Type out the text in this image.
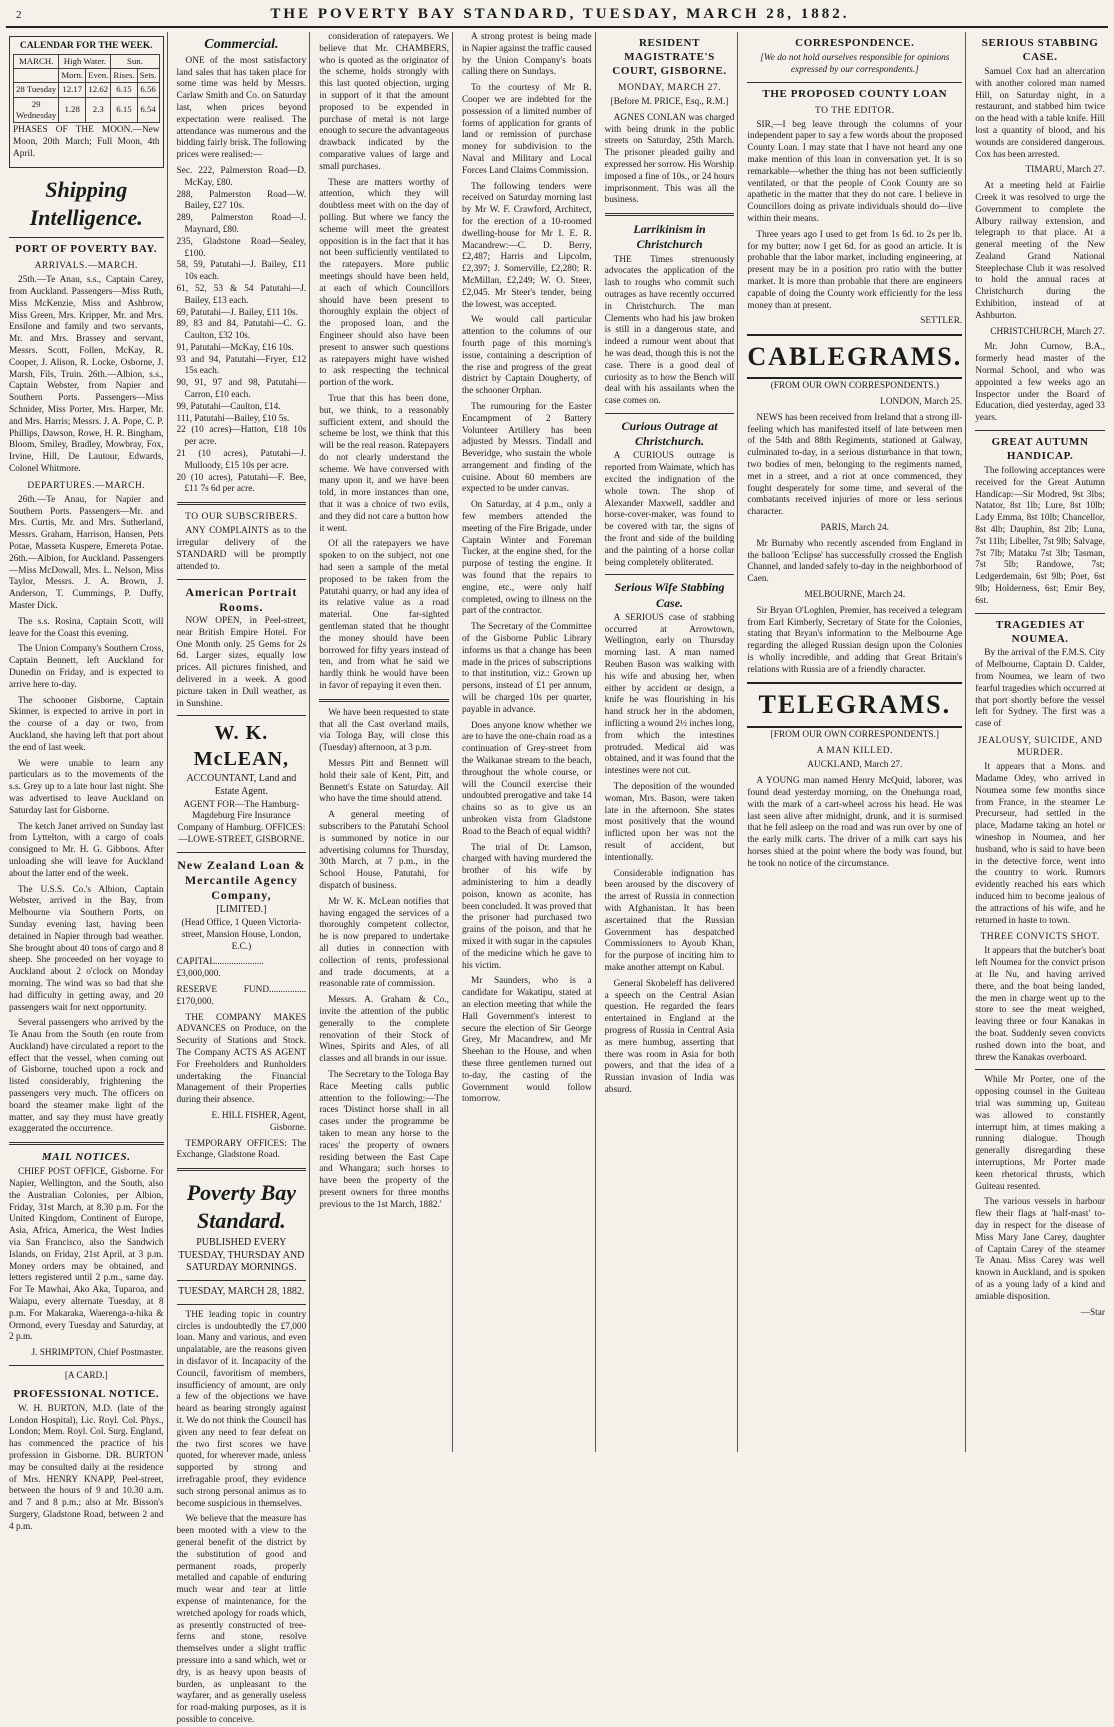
2	THE POVERTY BAY STANDARD, TUESDAY, MARCH 28, 1882.
CALENDAR FOR THE WEEK.
MARCH.	High Water.		Sun.	
	Morn.	Even.	Rises.	Sets.
28 Tuesday	12.17	12.62	6.15	6.56
29 Wednesday	1.28	2.3	6.15	6.54

PHASES OF THE MOON.—New Moon, 20th March; Full Moon, 4th April.

Shipping Intelligence.
PORT OF POVERTY BAY.
ARRIVALS.—MARCH.

25th.—Te Anau, s.s., Captain Carey, from Auckland. Passengers—Miss Ruth, Miss McKenzie, Miss and Ashbrow, Miss Green, Mrs. Kripper, Mr. and Mrs. Ensilone and family and two servants, Mr. and Mrs. Brassey and servant, Messrs. Scott, Follen, McKay, R. Cooper, J. Alison, R. Locke, Osborne, J. Marsh, Fils, Truin. 26th.—Albion, s.s., Captain Webster, from Napier and Southern Ports. Passengers—Miss Schnider, Miss Porter, Mrs. Harper, Mr. and Mrs. Harris; Messrs. J. A. Pope, C. P. Phillips, Dawson, Rowe, H. R. Bingham, Bloom, Smiley, Bradley, Mowbray, Fox, Irvine, Hill, De Lautour, Edwards, Colonel Whitmore.

DEPARTURES.—MARCH.

26th.—Te Anau, for Napier and Southern Ports. Passengers—Mr. and Mrs. Curtis, Mr. and Mrs. Sutherland, Messrs. Graham, Harrison, Hansen, Pets Potae, Masseta Kuspere, Emereta Potae. 26th.—Albion, for Auckland. Passengers—Miss McDowall, Mrs. L. Nelson, Miss Taylor, Messrs. J. A. Brown, J. Anderson, T. Cummings, P. Duffy, Master Dick.

The s.s. Rosina, Captain Scott, will leave for the Coast this evening.

The Union Company's Southern Cross, Captain Bennett, left Auckland for Dunedin on Friday, and is expected to arrive here to-day.

The schooner Gisborne, Captain Skinner, is expected to arrive in port in the course of a day or two, from Auckland, she having left that port about the end of last week.

We were unable to learn any particulars as to the movements of the s.s. Grey up to a late hour last night. She was advertised to leave Auckland on Saturday last for Gisborne.

The ketch Janet arrived on Sunday last from Lyttelton, with a cargo of coals consigned to Mr. H. G. Gibbons. After unloading she will leave for Auckland about the latter end of the week.

The U.S.S. Co.'s Albion, Captain Webster, arrived in the Bay, from Melbourne via Southern Ports, on Sunday evening last, having been detained in Napier through bad weather. She brought about 40 tons of cargo and 8 sheep. She proceeded on her voyage to Auckland about 2 o'clock on Monday morning. The wind was so bad that she had difficulty in getting away, and 20 passengers wait for next opportunity.

Several passengers who arrived by the Te Anau from the South (en route from Auckland) have circulated a report to the effect that the vessel, when coming out of Gisborne, touched upon a rock and listed considerably, frightening the passengers very much. The officers on board the steamer make light of the matter, and say they must have greatly exaggerated the occurrence.

MAIL NOTICES.

CHIEF POST OFFICE, Gisborne. For Napier, Wellington, and the South, also the Australian Colonies, per Albion, Friday, 31st March, at 8.30 p.m. For the United Kingdom, Continent of Europe, Asia, Africa, America, the West Indies via San Francisco, also the Sandwich Islands, on Friday, 21st April, at 3 p.m. Money orders may be obtained, and letters registered until 2 p.m., same day. For Te Mawhai, Ako Aka, Tuparoa, and Waiapu, every alternate Tuesday, at 8 p.m. For Makaraka, Waerenga-a-hika & Ormond, every Tuesday and Saturday, at 2 p.m.

J. SHRIMPTON, Chief Postmaster.

[A CARD.]
PROFESSIONAL NOTICE.

W. H. BURTON, M.D. (late of the London Hospital), Lic. Royl. Col. Phys., London; Mem. Royl. Col. Surg. England, has commenced the practice of his profession in Gisborne. DR. BURTON may be consulted daily at the residence of Mrs. HENRY KNAPP, Peel-street, between the hours of 9 and 10.30 a.m. and 7 and 8 p.m.; also at Mr. Bisson's Surgery, Gladstone Road, between 2 and 4 p.m.

Commercial.

ONE of the most satisfactory land sales that has taken place for some time was held by Messrs. Carlaw Smith and Co. on Saturday last, when prices beyond expectation were realised. The attendance was numerous and the bidding fairly brisk. The following prices were realised:—

Sec. 222, Palmerston Road—D. McKay, £80.

288, Palmerston Road—W. Bailey, £27 10s.

289, Palmerston Road—J. Maynard, £80.

235, Gladstone Road—Sealey, £100.

58, 59, Patutahi—J. Bailey, £11 10s each.

61, 52, 53 & 54 Patutahi—J. Bailey, £13 each.

69, Patutahi—J. Bailey, £11 10s.

89, 83 and 84, Patutahi—C. G. Caulton, £32 10s.

91, Patutahi—McKay, £16 10s.

93 and 94, Patutahi—Fryer, £12 15s each.

90, 91, 97 and 98, Patutahi—Carron, £10 each.

99, Patutahi—Caulton, £14.

111, Patutahi—Bailey, £10 5s.

22 (10 acres)—Hatton, £18 10s per acre.

21 (10 acres), Patutahi—J. Mulloody, £15 10s per acre.

20 (10 acres), Patutahi—F. Bee, £11 7s 6d per acre.

TO OUR SUBSCRIBERS.

ANY COMPLAINTS as to the irregular delivery of the STANDARD will be promptly attended to.

American Portrait Rooms.

NOW OPEN, in Peel-street, near British Empire Hotel. For One Month only. 25 Gems for 2s 6d. Larger sizes, equally low prices. All pictures finished, and delivered in a week. A good picture taken in Dull weather, as in Sunshine.

W. K. McLEAN,
ACCOUNTANT, Land and Estate Agent.

AGENT FOR—The Hamburg-Magdeburg Fire Insurance Company of Hamburg. OFFICES:—LOWE-STREET, GISBORNE.

New Zealand Loan & Mercantile Agency Company,
[LIMITED.]

(Head Office, 1 Queen Victoria-street, Mansion House, London, E.C.)

CAPITAL.....................£3,000,000.

RESERVE FUND................£170,000.

THE COMPANY MAKES ADVANCES on Produce, on the Security of Stations and Stock. The Company ACTS AS AGENT For Freeholders and Runholders undertaking the Financial Management of their Properties during their absence.

E. HILL FISHER, Agent, Gisborne.

TEMPORARY OFFICES: The Exchange, Gladstone Road.

Poverty Bay Standard.
PUBLISHED EVERY TUESDAY, THURSDAY AND SATURDAY MORNINGS.
TUESDAY, MARCH 28, 1882.

THE leading topic in country circles is undoubtedly the £7,000 loan. Many and various, and even unpalatable, are the reasons given in disfavor of it. Incapacity of the Council, favoritism of members, insufficiency of amount, are only a few of the objections we have heard as bearing strongly against it. We do not think the Council has given any need to fear defeat on the two first scores we have quoted, for wherever made, unless supported by strong and irrefragable proof, they evidence such strong personal animus as to become suspicious in themselves.

We believe that the measure has been mooted with a view to the general benefit of the district by the substitution of good and permanent roads, properly metalled and capable of enduring much wear and tear at little expense of maintenance, for the wretched apology for roads which, as presently constructed of tree-ferns and stone, resolve themselves under a slight traffic pressure into a sand which, wet or dry, is as heavy upon beasts of burden, as unpleasant to the wayfarer, and as generally useless for road-making purposes, as it is possible to conceive.

consideration of ratepayers. We believe that Mr. CHAMBERS, who is quoted as the originator of the scheme, holds strongly with this last quoted objection, urging in support of it that the amount proposed to be expended in purchase of metal is not large enough to secure the advantageous drawback indicated by the comparative values of large and small purchases.

These are matters worthy of attention, which they will doubtless meet with on the day of polling. But where we fancy the scheme will meet the greatest opposition is in the fact that it has not been sufficiently ventilated to the ratepayers. More public meetings should have been held, at each of which Councillors should have been present to thoroughly explain the object of the proposed loan, and the Engineer should also have been present to answer such questions as ratepayers might have wished to ask respecting the technical portion of the work.

True that this has been done, but, we think, to a reasonably sufficient extent, and should the scheme be lost, we think that this will be the real reason. Ratepayers do not clearly understand the scheme. We have conversed with many upon it, and we have been told, in more instances than one, that it was a choice of two evils, and they did not care a button how it went.

Of all the ratepayers we have spoken to on the subject, not one had seen a sample of the metal proposed to be taken from the Patutahi quarry, or had any idea of its relative value as a road material. One far-sighted gentleman stated that he thought the money should have been borrowed for fifty years instead of ten, and from what he said we hardly think he would have been in favor of repaying it even then.

We have been requested to state that all the Cast overland mails, via Tologa Bay, will close this (Tuesday) afternoon, at 3 p.m.

Messrs Pitt and Bennett will hold their sale of Kent, Pitt, and Bennett's Estate on Saturday. All who have the time should attend.

A general meeting of subscribers to the Patutahi School is summoned by notice in our advertising columns for Thursday, 30th March, at 7 p.m., in the School House, Patutahi, for dispatch of business.

Mr W. K. McLean notifies that having engaged the services of a thoroughly competent collector, he is now prepared to undertake all duties in connection with collection of rents, professional and trade documents, at a reasonable rate of commission.

Messrs. A. Graham & Co., invite the attention of the public generally to the complete renovation of their Stock of Wines, Spirits and Ales, of all classes and all brands in our issue.

The Secretary to the Tologa Bay Race Meeting calls public attention to the following:—The races 'Distinct horse shall in all cases under the programme be taken to mean any horse to the races' the property of owners residing between the East Cape and Whangara; such horses to have been the property of the present owners for three months previous to the 1st March, 1882.'

A strong protest is being made in Napier against the traffic caused by the Union Company's boats calling there on Sundays.

To the courtesy of Mr R. Cooper we are indebted for the possession of a limited number of forms of application for grants of land or remission of purchase money for subdivision to the Naval and Military and Local Forces Land Claims Commission.

The following tenders were received on Saturday morning last by Mr W. F. Crawford, Architect, for the erection of a 10-roomed dwelling-house for Mr I. E. R. Macandrew:—C. D. Berry, £2,487; Harris and Lipcolm, £2,397; J. Somerville, £2,280; R. McMillan, £2,249; W. O. Steer, £2,045. Mr Steer's tender, being the lowest, was accepted.

We would call particular attention to the columns of our fourth page of this morning's issue, containing a description of the rise and progress of the great district by Captain Dougherty, of the schooner Orphan.

The rumouring for the Easter Encampment of 2 Battery Volunteer Artillery has been adjusted by Messrs. Tindall and Beveridge, who sustain the whole arrangement and finding of the cuisine. About 60 members are expected to be under canvas.

On Saturday, at 4 p.m., only a few members attended the meeting of the Fire Brigade, under Captain Winter and Foreman Tucker, at the engine shed, for the purpose of testing the engine. It was found that the repairs to engine, etc., were only half completed, owing to illness on the part of the contractor.

The Secretary of the Committee of the Gisborne Public Library informs us that a change has been made in the prices of subscriptions to that institution, viz.: Grown up persons, instead of £1 per annum, will be charged 10s per quarter, payable in advance.

Does anyone know whether we are to have the one-chain road as a continuation of Grey-street from the Waikanae stream to the beach, throughout the whole course, or will the Council exercise their undoubted prerogative and take 14 chains so as to give us an unbroken vista from Gladstone Road to the Beach of equal width?

The trial of Dr. Lamson, charged with having murdered the brother of his wife by administering to him a deadly poison, known as aconite, has been concluded. It was proved that the prisoner had purchased two grains of the poison, and that he mixed it with sugar in the capsules of the medicine which he gave to his victim.

Mr Saunders, who is a candidate for Wakatipu, stated at an election meeting that while the Hall Government's interest to secure the election of Sir George Grey, Mr Macandrew, and Mr Sheehan to the House, and when these three gentlemen turned out to-day, the casting of the Government would follow tomorrow.

RESIDENT MAGISTRATE'S COURT, GISBORNE.
MONDAY, MARCH 27.

[Before M. PRICE, Esq., R.M.]

AGNES CONLAN was charged with being drunk in the public streets on Saturday, 25th March. The prisoner pleaded guilty and expressed her sorrow. His Worship imposed a fine of 10s., or 24 hours imprisonment. This was all the business.

Larrikinism in Christchurch

THE Times strenuously advocates the application of the lash to roughs who commit such outrages as have recently occurred in Christchurch. The man Clements who had his jaw broken is still in a dangerous state, and indeed a rumour went about that he was dead, though this is not the case. There is a good deal of curiosity as to how the Bench will deal with his assailants when the case comes on.

Curious Outrage at Christchurch.

A CURIOUS outrage is reported from Waimate, which has excited the indignation of the whole town. The shop of Alexander Maxwell, saddler and horse-cover-maker, was found to be covered with tar, the signs of the front and side of the building and the painting of a horse collar being completely obliterated.

Serious Wife Stabbing Case.

A SERIOUS case of stabbing occurred at Arrowtown, Wellington, early on Thursday morning last. A man named Reuben Bason was walking with his wife and abusing her, when either by accident or design, a knife he was flourishing in his hand struck her in the abdomen, inflicting a wound 2½ inches long, from which the intestines protruded. Medical aid was obtained, and it was found that the intestines were not cut.

The deposition of the wounded woman, Mrs. Bason, were taken late in the afternoon. She states most positively that the wound inflicted upon her was not the result of accident, but intentionally.

Considerable indignation has been aroused by the discovery of the arrest of Russia in connection with Afghanistan. It has been ascertained that the Russian Government has despatched Commissioners to Ayoub Khan, for the purpose of inciting him to make another attempt on Kabul.

General Skobeleff has delivered a speech on the Central Asian question. He regarded the fears entertained in England at the progress of Russia in Central Asia as mere humbug, asserting that there was room in Asia for both powers, and that the idea of a Russian invasion of India was absurd.

CORRESPONDENCE.

[We do not hold ourselves responsible for opinions expressed by our correspondents.]

THE PROPOSED COUNTY LOAN
TO THE EDITOR.

SIR,—I beg leave through the columns of your independent paper to say a few words about the proposed County Loan. I may state that I have not heard any one make mention of this loan in conversation yet. It is so remarkable—whether the thing has not been sufficiently ventilated, or that the people of Cook County are so apathetic in the matter that they do not care. I believe in Councillors doing as private individuals should do—live within their means.

Three years ago I used to get from 1s 6d. to 2s per lb. for my butter; now I get 6d. for as good an article. It is probable that the labor market, including engineering, at present may be in a position pro ratio with the butter market. It is more than probable that there are engineers capable of doing the County work efficiently for the less money than at present.

SETTLER.

CABLEGRAMS.

(FROM OUR OWN CORRESPONDENTS.)

LONDON, March 25.

NEWS has been received from Ireland that a strong ill-feeling which has manifested itself of late between men of the 54th and 88th Regiments, stationed at Galway, culminated to-day, in a serious disturbance in that town, two bodies of men, belonging to the regiments named, met in a street, and a riot at once commenced, they fought desperately for some time, and several of the combatants received injuries of more or less serious character.

PARIS, March 24.

Mr Burnaby who recently ascended from England in the balloon 'Eclipse' has successfully crossed the English Channel, and landed safely to-day in the neighborhood of Caen.

MELBOURNE, March 24.

Sir Bryan O'Loghlen, Premier, has received a telegram from Earl Kimberly, Secretary of State for the Colonies, stating that Bryan's information to the Melbourne Age regarding the alleged Russian design upon the Colonies is wholly incredible, and adding that Great Britain's relations with Russia are of a friendly character.

TELEGRAMS.

[FROM OUR OWN CORRESPONDENTS.]

A MAN KILLED.

AUCKLAND, March 27.

A YOUNG man named Henry McQuid, laborer, was found dead yesterday morning, on the Onehunga road, with the mark of a cart-wheel across his head. He was last seen alive after midnight, drunk, and it is surmised that he fell asleep on the road and was run over by one of the early milk carts. The driver of a milk cart says his horses shied at the point where the body was found, but he took no notice of the circumstance.

SERIOUS STABBING CASE.

Samuel Cox had an altercation with another colored man named Hill, on Saturday night, in a restaurant, and stabbed him twice on the head with a table knife. Hill lost a quantity of blood, and his wounds are considered dangerous. Cox has been arrested.

TIMARU, March 27.

At a meeting held at Fairlie Creek it was resolved to urge the Government to complete the Albury railway extension, and telegraph to that place. At a general meeting of the New Zealand Grand National Steeplechase Club it was resolved to hold the annual races at Christchurch during the Exhibition, instead of at Ashburton.

CHRISTCHURCH, March 27.

Mr. John Curnow, B.A., formerly head master of the Normal School, and who was appointed a few weeks ago an Inspector under the Board of Education, died yesterday, aged 33 years.

GREAT AUTUMN HANDICAP.

The following acceptances were received for the Great Autumn Handicap:—Sir Modred, 9st 3lbs; Natator, 8st 1lb; Lure, 8st 10lb; Lady Emma, 8st 10lb; Chancellor, 8st 4lb; Dauphin, 8st 2lb; Luna, 7st 11lb; Libeller, 7st 9lb; Salvage, 7st 7lb; Mataku 7st 3lb; Tasman, 7st 5lb; Randowe, 7st; Ledgerdemain, 6st 9lb; Poet, 6st 9lb; Holderness, 6st; Emir Bey, 6st.

TRAGEDIES AT NOUMEA.

By the arrival of the F.M.S. City of Melbourne, Captain D. Calder, from Noumea, we learn of two fearful tragedies which occurred at that port shortly before the vessel left for Sydney. The first was a case of

JEALOUSY, SUICIDE, AND MURDER.

It appears that a Mons. and Madame Odey, who arrived in Noumea some few months since from France, in the steamer Le Precurseur, had settled in the place, Madame taking an hotel or wineshop in Noumea, and her husband, who is said to have been in the detective force, went into the country to work. Rumors evidently reached his ears which induced him to become jealous of the attractions of his wife, and he returned in haste to town.

THREE CONVICTS SHOT.

It appears that the butcher's boat left Noumea for the convict prison at Ile Nu, and having arrived there, and the boat being landed, the men in charge went up to the store to see the meat weighed, leaving three or four Kanakas in the boat. Suddenly seven convicts rushed down into the boat, and threw the Kanakas overboard.

While Mr Porter, one of the opposing counsel in the Guiteau trial was summing up, Guiteau was allowed to constantly interrupt him, at times making a running dialogue. Though generally disregarding these interruptions, Mr Porter made keen rhetorical thrusts, which Guiteau resented.

The various vessels in harbour flew their flags at 'half-mast' to-day in respect for the disease of Miss Mary Jane Carey, daughter of Captain Carey of the steamer Te Anau. Miss Carey was well known in Auckland, and is spoken of as a young lady of a kind and amiable disposition.

—Star
